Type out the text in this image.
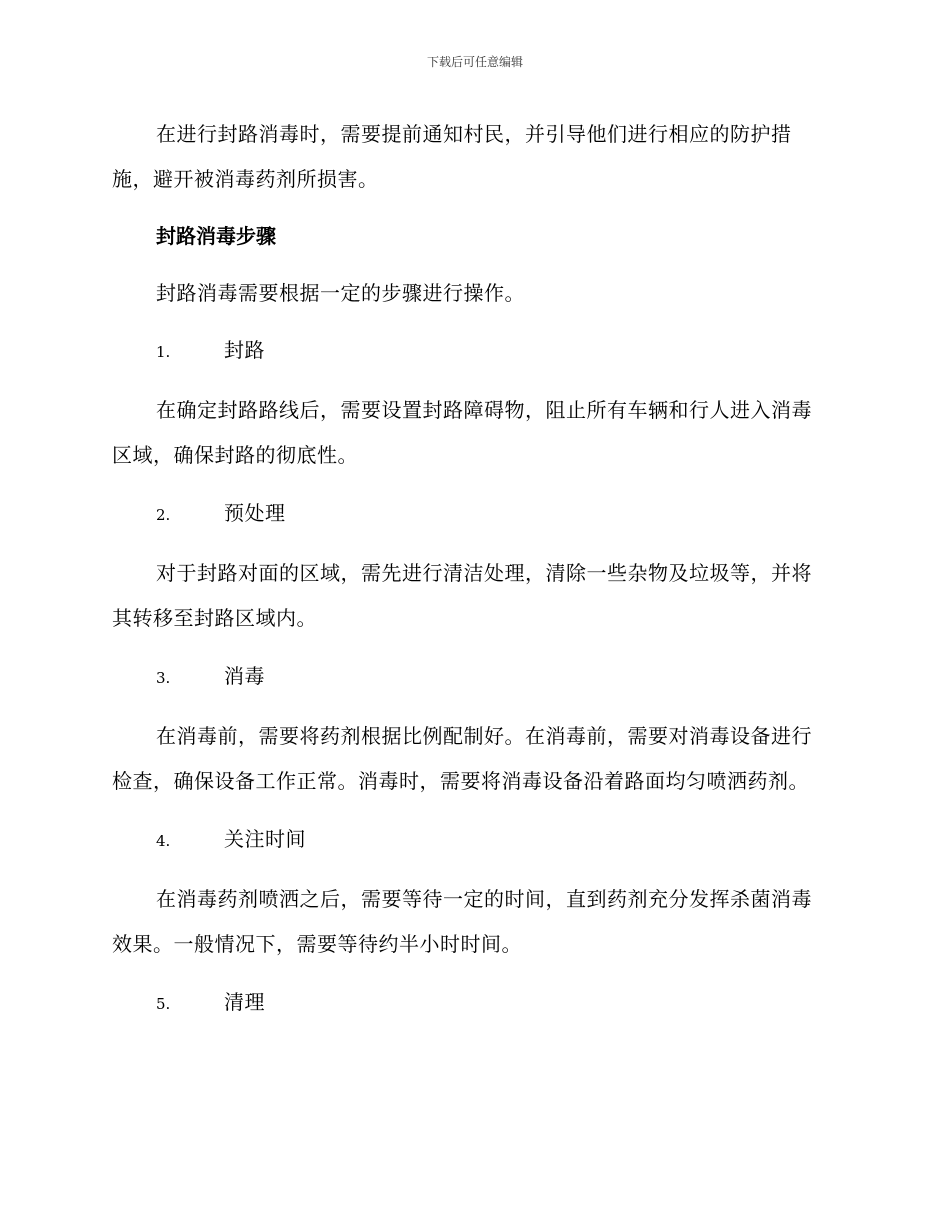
下载后可任意编辑

在进行封路消毒时，需要提前通知村民，并引导他们进行相应的防护措施，避开被消毒药剂所损害。

封路消毒步骤

封路消毒需要根据一定的步骤进行操作。

1.	封路

在确定封路路线后，需要设置封路障碍物，阻止所有车辆和行人进入消毒区域，确保封路的彻底性。

2.	预处理

对于封路对面的区域，需先进行清洁处理，清除一些杂物及垃圾等，并将其转移至封路区域内。

3.	消毒

在消毒前，需要将药剂根据比例配制好。在消毒前，需要对消毒设备进行检查，确保设备工作正常。消毒时，需要将消毒设备沿着路面均匀喷洒药剂。

4.	关注时间

在消毒药剂喷洒之后，需要等待一定的时间，直到药剂充分发挥杀菌消毒效果。一般情况下，需要等待约半小时时间。

5.	清理
